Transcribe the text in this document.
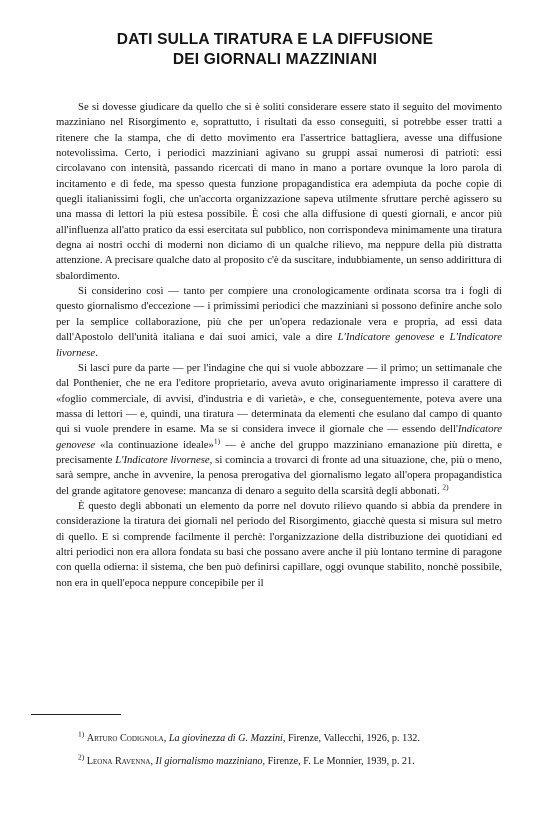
DATI SULLA TIRATURA E LA DIFFUSIONE
DEI GIORNALI MAZZINIANI

Se si dovesse giudicare da quello che si è soliti considerare essere stato il seguito del movimento mazziniano nel Risorgimento e, soprattutto, i risultati da esso conseguiti, si potrebbe esser tratti a ritenere che la stampa, che di detto movimento era l'assertrice battagliera, avesse una diffusione notevolissima. Certo, i periodici mazziniani agivano su gruppi assai numerosi di patrioti: essi circolavano con intensità, passando ricercati di mano in mano a portare ovunque la loro parola di incitamento e di fede, ma spesso questa funzione propagandistica era adempiuta da poche copie di quegli italianissimi fogli, che un'accorta organizzazione sapeva utilmente sfruttare perchè agissero su una massa di lettori la più estesa possibile. È così che alla diffusione di questi giornali, e ancor più all'influenza all'atto pratico da essi esercitata sul pubblico, non corrispondeva minimamente una tiratura degna ai nostri occhi di moderni non diciamo di un qualche rilievo, ma neppure della più distratta attenzione. A precisare qualche dato al proposito c'è da suscitare, indubbiamente, un senso addirittura di sbalordimento.

Si considerino così — tanto per compiere una cronologicamente ordinata scorsa tra i fogli di questo giornalismo d'eccezione — i primissimi periodici che mazziniani si possono definire anche solo per la semplice collaborazione, più che per un'opera redazionale vera e propria, ad essi data dall'Apostolo dell'unità italiana e dai suoi amici, vale a dire L'Indicatore genovese e L'Indicatore livornese.

Si lasci pure da parte — per l'indagine che qui si vuole abbozzare — il primo; un settimanale che dal Ponthenier, che ne era l'editore proprietario, aveva avuto originariamente impresso il carattere di «foglio commerciale, di avvisi, d'industria e di varietà», e che, conseguentemente, poteva avere una massa di lettori — e, quindi, una tiratura — determinata da elementi che esulano dal campo di quanto qui si vuole prendere in esame. Ma se si considera invece il giornale che — essendo dell'Indicatore genovese «la continuazione ideale»$^{1)}$ — è anche del gruppo mazziniano emanazione più diretta, e precisamente L'Indicatore livornese, si comincia a trovarci di fronte ad una situazione, che, più o meno, sarà sempre, anche in avvenire, la penosa prerogativa del giornalismo legato all'opera propagandistica del grande agitatore genovese: mancanza di denaro a seguito della scarsità degli abbonati. $^{2)}$

È questo degli abbonati un elemento da porre nel dovuto rilievo quando si abbia da prendere in considerazione la tiratura dei giornali nel periodo del Risorgimento, giacchè questa si misura sul metro di quello. E si comprende facilmente il perchè: l'organizzazione della distribuzione dei quotidiani ed altri periodici non era allora fondata su basi che possano avere anche il più lontano termine di paragone con quella odierna: il sistema, che ben può definirsi capillare, oggi ovunque stabilito, nonchè possibile, non era in quell'epoca neppure concepibile per il

$^{1)}$ Arturo Codignola, La giovinezza di G. Mazzini, Firenze, Vallecchi, 1926, p. 132.

$^{2)}$ Leona Ravenna, Il giornalismo mazziniano, Firenze, F. Le Monnier, 1939, p. 21.
